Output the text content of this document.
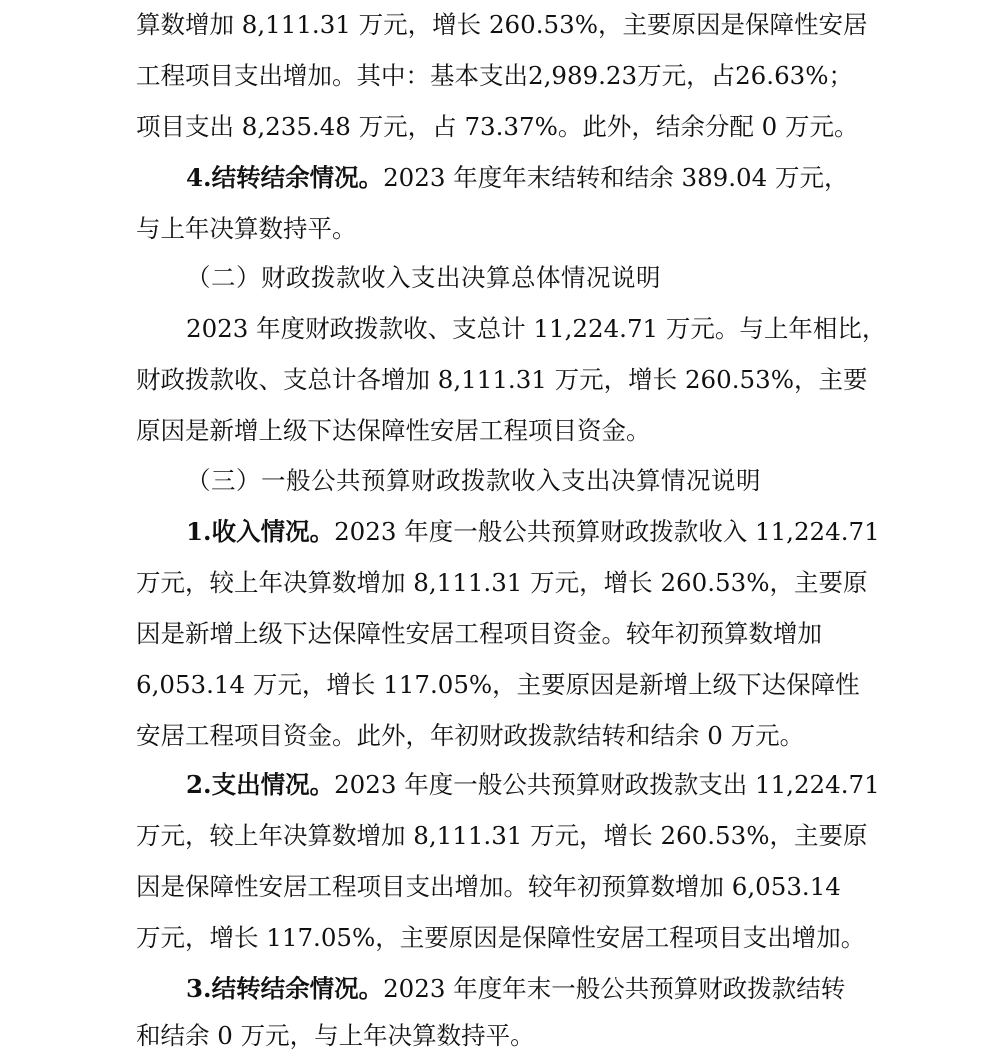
算数增加 8,111.31 万元，增长 260.53%，主要原因是保障性安居
工程项目支出增加。其中：基本支出2,989.23万元，占26.63%；
项目支出 8,235.48 万元，占 73.37%。此外，结余分配 0 万元。
4.结转结余情况。2023 年度年末结转和结余 389.04 万元，
与上年决算数持平。
（二）财政拨款收入支出决算总体情况说明
2023 年度财政拨款收、支总计 11,224.71 万元。与上年相比，
财政拨款收、支总计各增加 8,111.31 万元，增长 260.53%，主要
原因是新增上级下达保障性安居工程项目资金。
（三）一般公共预算财政拨款收入支出决算情况说明
1.收入情况。2023 年度一般公共预算财政拨款收入 11,224.71
万元，较上年决算数增加 8,111.31 万元，增长 260.53%，主要原
因是新增上级下达保障性安居工程项目资金。较年初预算数增加
6,053.14 万元，增长 117.05%，主要原因是新增上级下达保障性
安居工程项目资金。此外，年初财政拨款结转和结余 0 万元。
2.支出情况。2023 年度一般公共预算财政拨款支出 11,224.71
万元，较上年决算数增加 8,111.31 万元，增长 260.53%，主要原
因是保障性安居工程项目支出增加。较年初预算数增加 6,053.14
万元，增长 117.05%，主要原因是保障性安居工程项目支出增加。
3.结转结余情况。2023 年度年末一般公共预算财政拨款结转
和结余 0 万元，与上年决算数持平。
